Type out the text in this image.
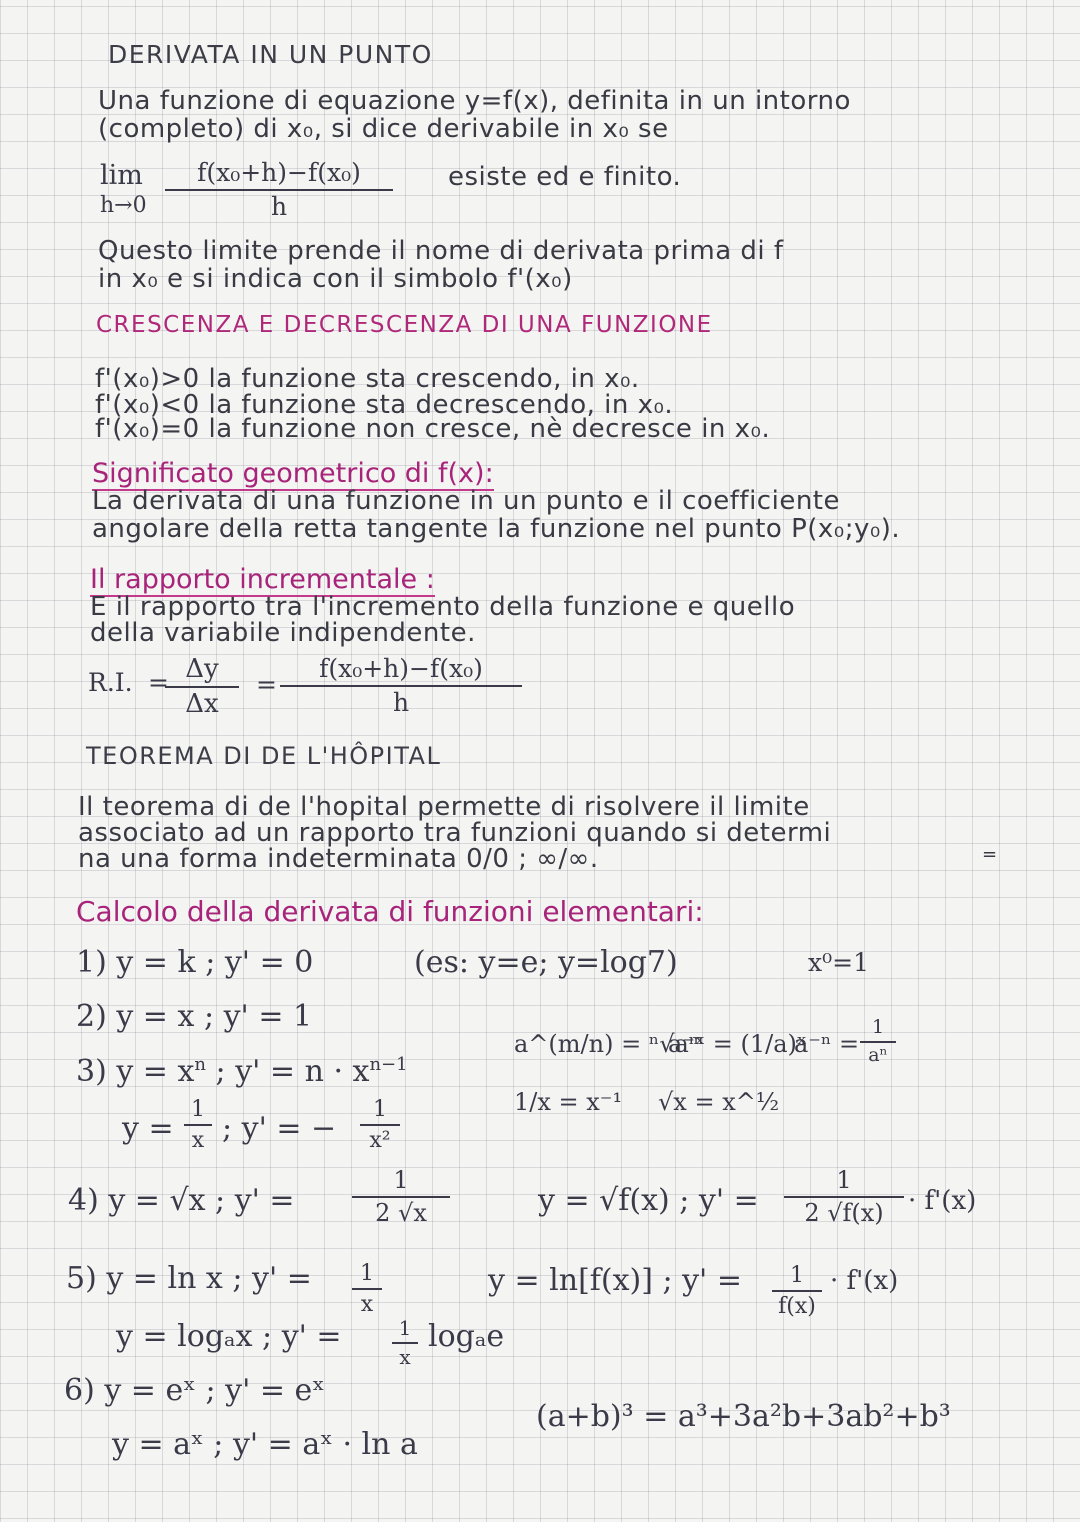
DERIVATA IN UN PUNTO
Una funzione di equazione y=f(x), definita in un intorno
(completo) di x₀, si dice derivabile in x₀ se
lim
h→0
f(x₀+h)−f(x₀)
h
esiste ed e finito.
Questo limite prende il nome di derivata prima di f
in x₀ e si indica con il simbolo f'(x₀)
CRESCENZA E DECRESCENZA DI UNA FUNZIONE
f'(x₀)>0 la funzione sta crescendo, in x₀.
f'(x₀)<0 la funzione sta decrescendo, in x₀.
f'(x₀)=0 la funzione non cresce, nè decresce in x₀.
Significato geometrico di f(x):
La derivata di una funzione in un punto e il coefficiente
angolare della retta tangente la funzione nel punto P(x₀;y₀).
Il rapporto incrementale :
E il rapporto tra l'incremento della funzione e quello
della variabile indipendente.
R.I. = Δy
Δx
=
f(x₀+h)−f(x₀)
h
TEOREMA DI DE L'HÔPITAL
Il teorema di de l'hopital permette di risolvere il limite
associato ad un rapporto tra funzioni quando si determi
na una forma indeterminata 0/0 ; ∞/∞.	=
Calcolo della derivata di funzioni elementari:
1) y = k ; y' = 0	(es: y=e; y=log7)	x⁰=1
2) y = x ; y' = 1
3) $y = x^n$ ; $y' = n \cdot x^{n-1}$
y =
1
x ; y' = −
1
x²
a^(m/n) = ⁿ√aᵐ
a⁻ˣ = (1/a)ˣ
a⁻ⁿ =
1
aⁿ
1/x = x⁻¹ √x = x^½
4) y = √x ; y' =
1
2 √x	y = √f(x) ; y' =
1
2 √f(x) · f'(x)
5) y = ln x ; y' = 1
x
y = ln[f(x)] ; y' = 1
f(x)
· f'(x)
y = logₐx ; y' =	1
x
logₐe
6) y = eˣ ; y' = eˣ
y = aˣ ; y' = aˣ · ln a
(a+b)³ = a³+3a²b+3ab²+b³
